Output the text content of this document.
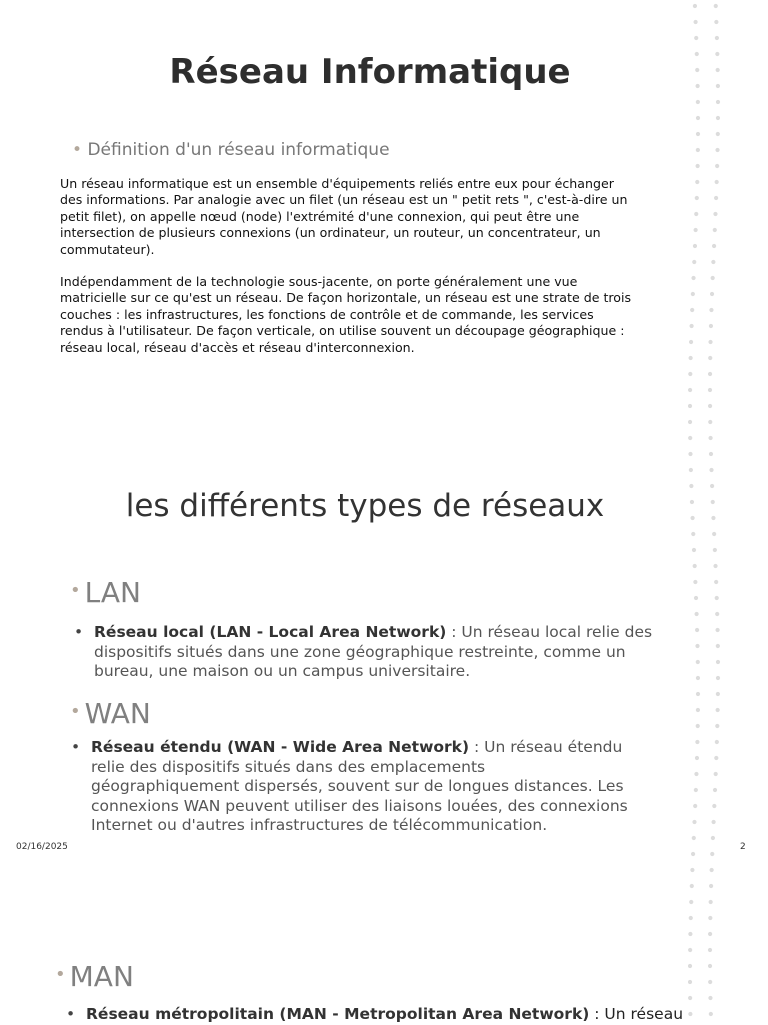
Réseau Informatique
• Définition d'un réseau informatique

Un réseau informatique est un ensemble d'équipements reliés entre eux pour échanger des informations. Par analogie avec un filet (un réseau est un " petit rets ", c'est-à-dire un petit filet), on appelle nœud (node) l'extrémité d'une connexion, qui peut être une intersection de plusieurs connexions (un ordinateur, un routeur, un concentrateur, un commutateur).

Indépendamment de la technologie sous-jacente, on porte généralement une vue matricielle sur ce qu'est un réseau. De façon horizontale, un réseau est une strate de trois couches : les infrastructures, les fonctions de contrôle et de commande, les services rendus à l'utilisateur. De façon verticale, on utilise souvent un découpage géographique : réseau local, réseau d'accès et réseau d'interconnexion.

les différents types de réseaux
• LAN
• Réseau local (LAN - Local Area Network) : Un réseau local relie des dispositifs situés dans une zone géographique restreinte, comme un bureau, une maison ou un campus universitaire.
• WAN
• Réseau étendu (WAN - Wide Area Network) : Un réseau étendu relie des dispositifs situés dans des emplacements géographiquement dispersés, souvent sur de longues distances. Les connexions WAN peuvent utiliser des liaisons louées, des connexions Internet ou d'autres infrastructures de télécommunication.
02/16/2025	2
• MAN
• Réseau métropolitain (MAN - Metropolitan Area Network) : Un réseau
